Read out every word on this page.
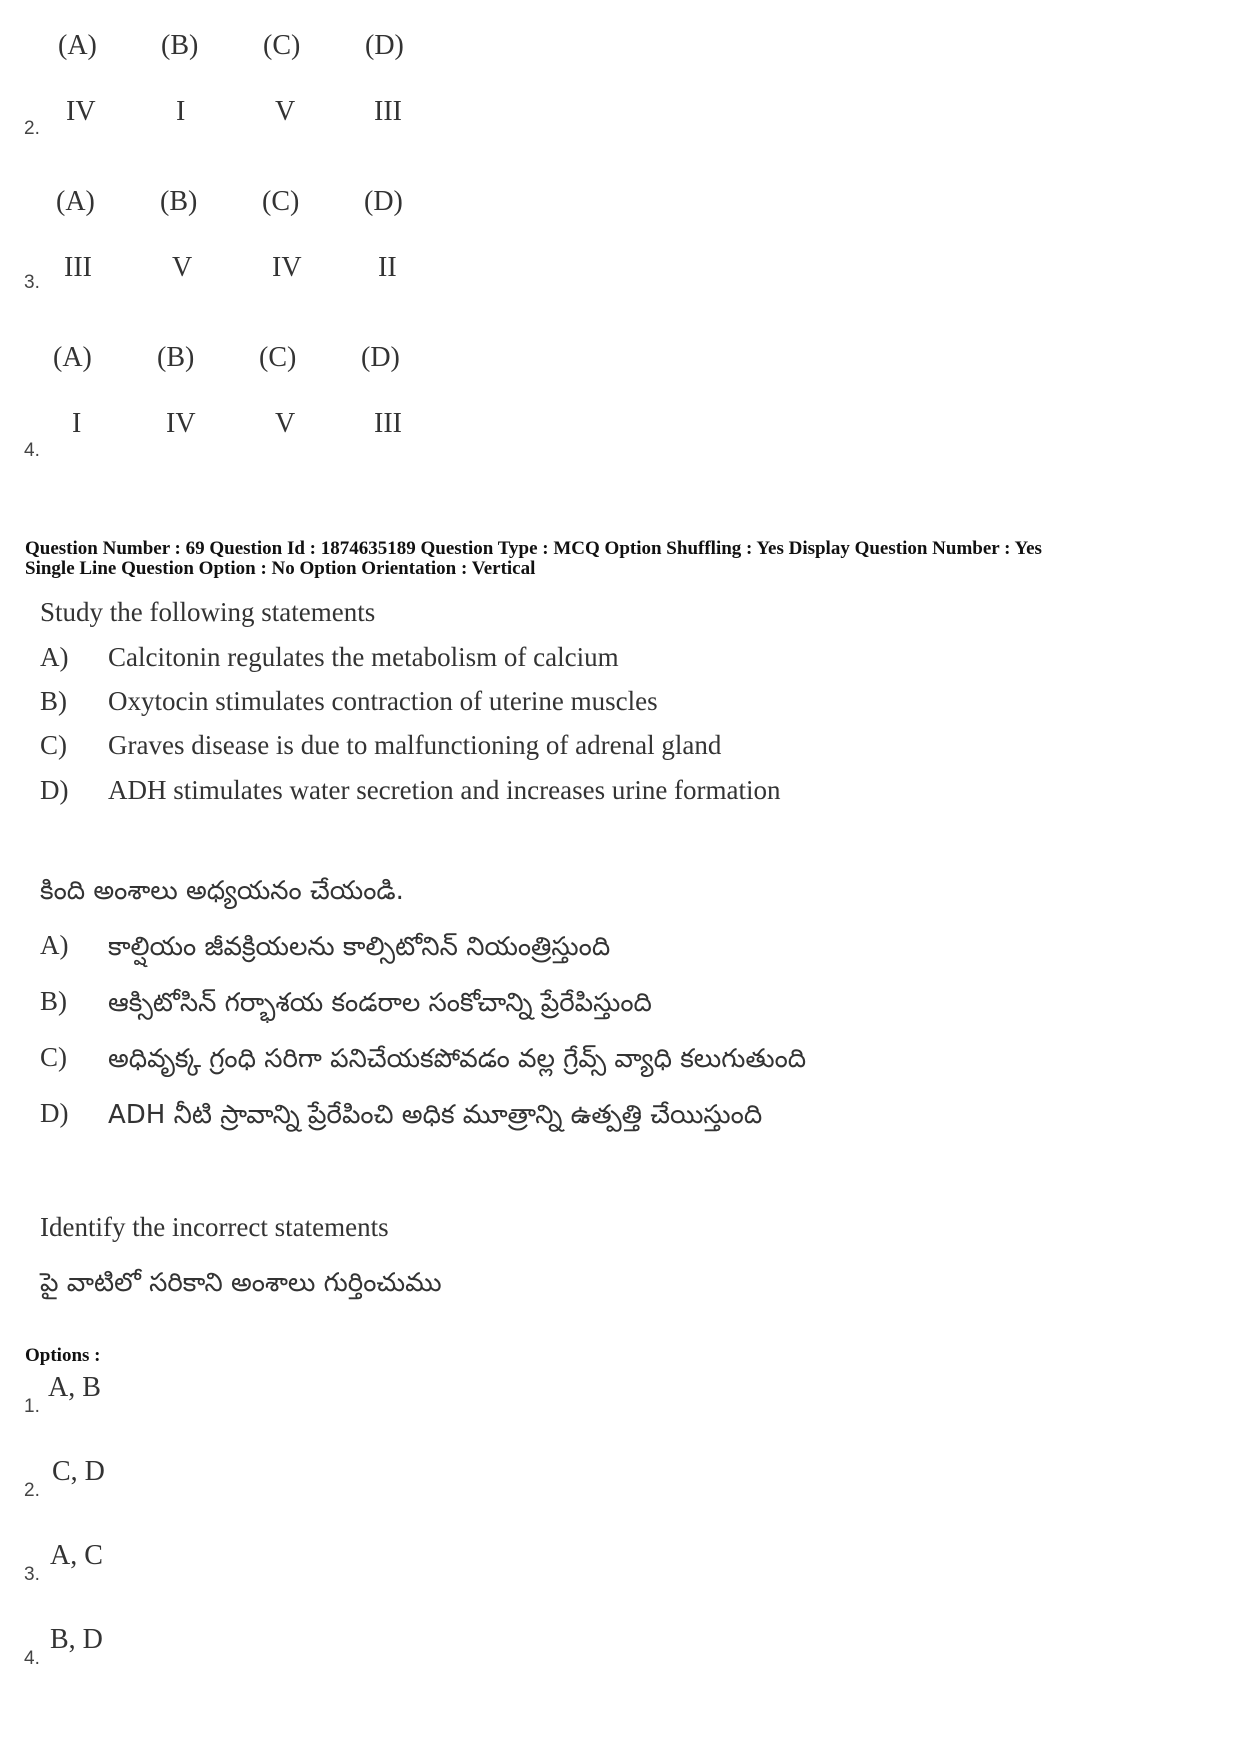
(A) (B) (C) (D)
2.
IV	I	V	III
(A) (B) (C) (D)
3. III	V	IV	II
(A) (B) (C) (D)
4.
I	IV	V	III
Question Number : 69 Question Id : 1874635189 Question Type : MCQ Option Shuffling : Yes Display Question Number : Yes
Single Line Question Option : No Option Orientation : Vertical
Study the following statements
A) Calcitonin regulates the metabolism of calcium
B) Oxytocin stimulates contraction of uterine muscles
C) Graves disease is due to malfunctioning of adrenal gland
D) ADH stimulates water secretion and increases urine formation
కింది అంశాలు అధ్యయనం చేయండి.
A) కాల్షియం జీవక్రియలను కాల్సిటోనిన్ నియంత్రిస్తుంది
B) ఆక్సిటోసిన్ గర్భాశయ కండరాల సంకోచాన్ని ప్రేరేపిస్తుంది
C) అధివృక్క గ్రంధి సరిగా పనిచేయకపోవడం వల్ల గ్రేవ్స్ వ్యాధి కలుగుతుంది
D) ADH నీటి స్రావాన్ని ప్రేరేపించి అధిక మూత్రాన్ని ఉత్పత్తి చేయిస్తుంది
Identify the incorrect statements
పై వాటిలో సరికాని అంశాలు గుర్తించుము
Options :
1.
A, B
2.
C, D
3.
A, C
4.
B, D
